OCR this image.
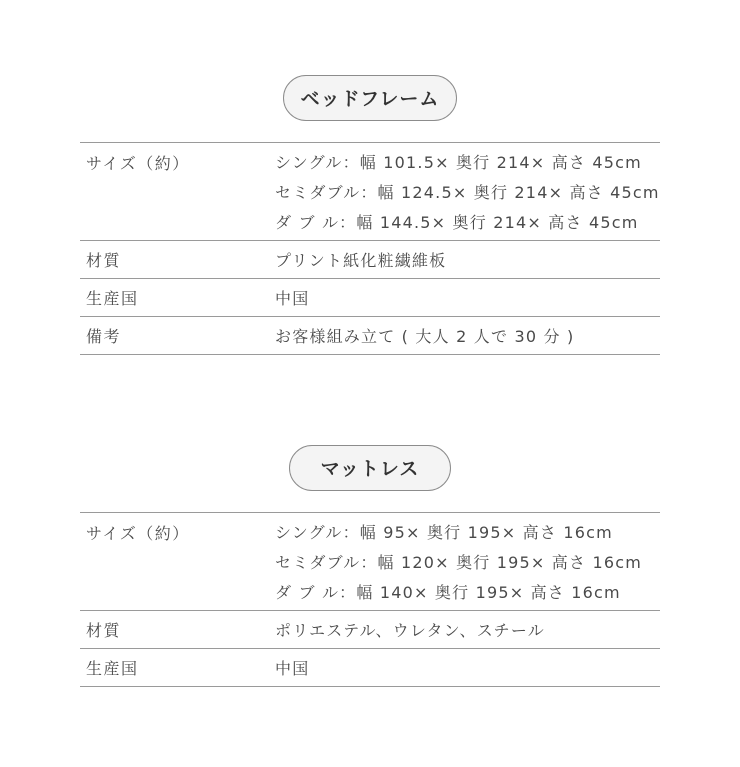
ベッドフレーム
サイズ（約）	シングル：幅 101.5× 奥行 214× 高さ 45cm
セミダブル：幅 124.5× 奥行 214× 高さ 45cm
ダ ブ ル：幅 144.5× 奥行 214× 高さ 45cm
材質	プリント紙化粧繊維板
生産国	中国
備考	お客様組み立て ( 大人 2 人で 30 分 )
マットレス
サイズ（約）	シングル：幅 95× 奥行 195× 高さ 16cm
セミダブル：幅 120× 奥行 195× 高さ 16cm
ダ ブ ル：幅 140× 奥行 195× 高さ 16cm
材質	ポリエステル、ウレタン、スチール
生産国	中国
